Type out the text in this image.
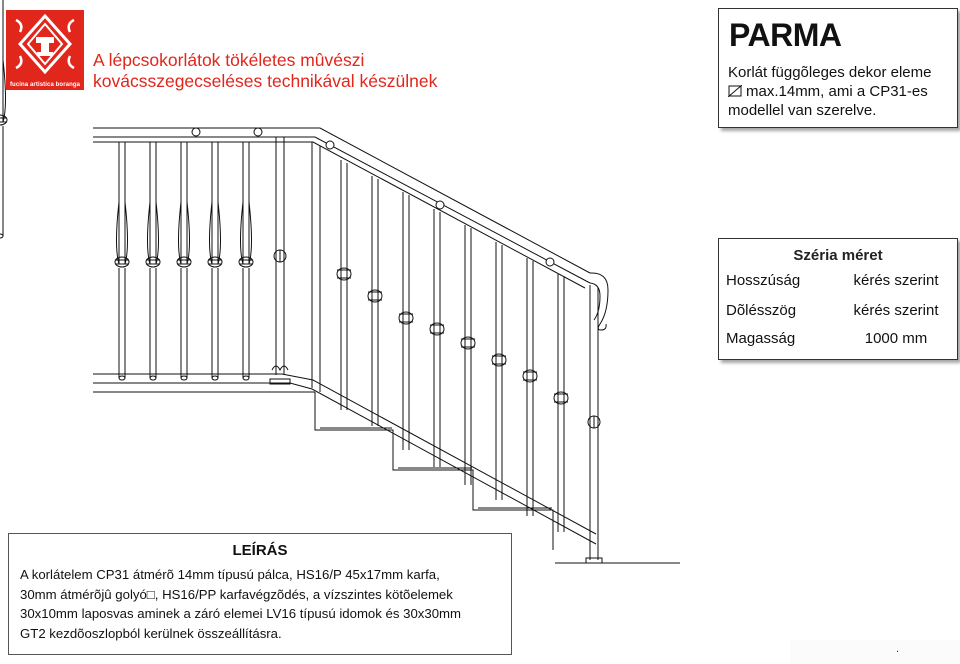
fucina artistica boranga
A lépcsokorlátok tökéletes mûvészi
kovácsszegecseléses technikával készülnek
PARMA
Korlát függõleges dekor eleme
max.14mm, ami a CP31-es
modellel van szerelve.
Széria méret
Hosszúság	kérés szerint
Dõlésszög	kérés szerint
Magasság	1000 mm
LEÍRÁS
A korlátelem CP31 átmérõ 14mm típusú pálca, HS16/P 45x17mm karfa,
30mm átmérõjû golyó□, HS16/PP karfavégzõdés, a vízszintes kötõelemek
30x10mm laposvas aminek a záró elemei LV16 típusú idomok és 30x30mm
GT2 kezdõoszlopból kerülnek összeállításra.
.
